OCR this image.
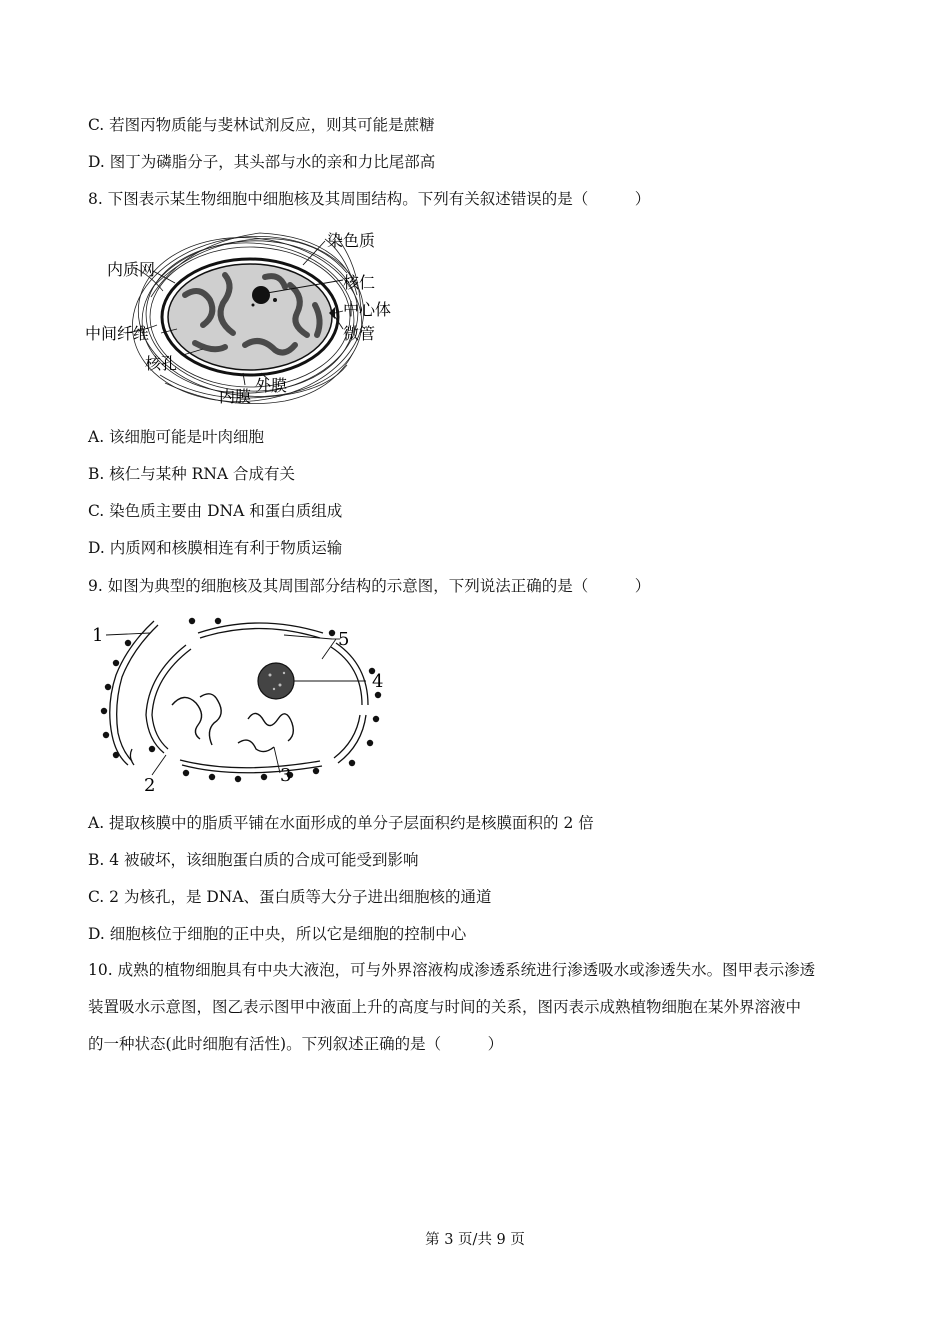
C. 若图丙物质能与斐林试剂反应，则其可能是蔗糖
D. 图丁为磷脂分子，其头部与水的亲和力比尾部高
8. 下图表示某生物细胞中细胞核及其周围结构。下列有关叙述错误的是（　　　）
染色质
核仁
中心体
微管
内质网
中间纤维
核孔
内膜
外膜
A. 该细胞可能是叶肉细胞
B. 核仁与某种 RNA 合成有关
C. 染色质主要由 DNA 和蛋白质组成
D. 内质网和核膜相连有利于物质运输
9. 如图为典型的细胞核及其周围部分结构的示意图，下列说法正确的是（　　　）
1
2	3
4
5
A. 提取核膜中的脂质平铺在水面形成的单分子层面积约是核膜面积的 2 倍
B. 4 被破坏，该细胞蛋白质的合成可能受到影响
C. 2 为核孔，是 DNA、蛋白质等大分子进出细胞核的通道
D. 细胞核位于细胞的正中央，所以它是细胞的控制中心
10. 成熟的植物细胞具有中央大液泡，可与外界溶液构成渗透系统进行渗透吸水或渗透失水。图甲表示渗透
装置吸水示意图，图乙表示图甲中液面上升的高度与时间的关系，图丙表示成熟植物细胞在某外界溶液中
的一种状态(此时细胞有活性)。下列叙述正确的是（　　　）
第 3 页/共 9 页
